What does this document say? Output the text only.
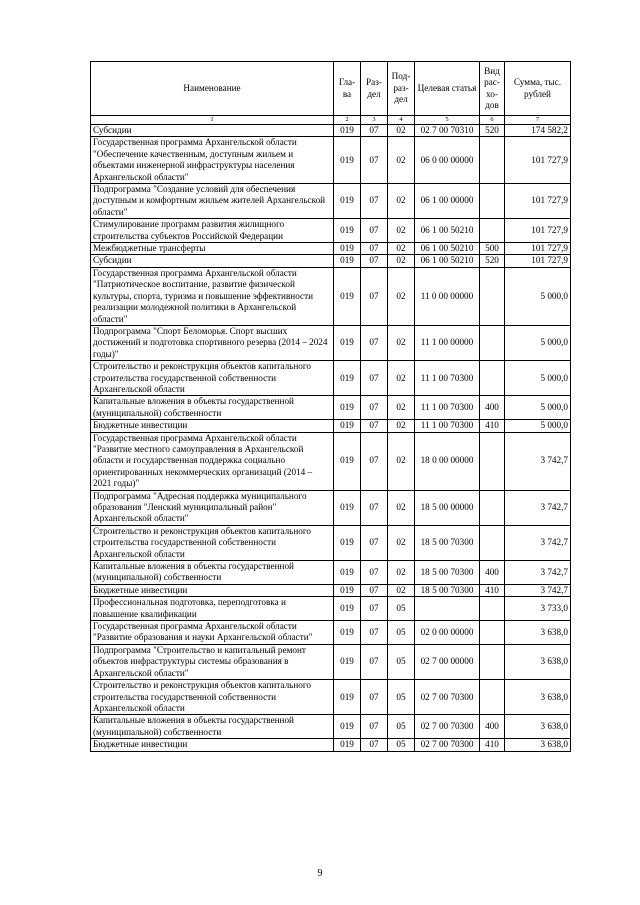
Наименование	Гла-ва	Раз-дел	Под-раз-дел	Целевая статья	Вид рас-хо-дов	Сумма, тыс. рублей
1	2	3	4	5	6	7
Субсидии	019	07	02	02 7 00 70310	520	174 582,2
Государственная программа Архангельской области "Обеспечение качественным, доступным жильем и объектами инженерной инфраструктуры населения Архангельской области"	019	07	02	06 0 00 00000		101 727,9
Подпрограмма "Создание условий для обеспечения доступным и комфортным жильем жителей Архангельской области"	019	07	02	06 1 00 00000		101 727,9
Стимулирование программ развития жилищного строительства субъектов Российской Федерации	019	07	02	06 1 00 50210		101 727,9
Межбюджетные трансферты	019	07	02	06 1 00 50210	500	101 727,9
Субсидии	019	07	02	06 1 00 50210	520	101 727,9
Государственная программа Архангельской области "Патриотическое воспитание, развитие физической культуры, спорта, туризма и повышение эффективности реализации молодежной политики в Архангельской области"	019	07	02	11 0 00 00000		5 000,0
Подпрограмма "Спорт Беломорья. Спорт высших достижений и подготовка спортивного резерва (2014 – 2024 годы)"	019	07	02	11 1 00 00000		5 000,0
Строительство и реконструкция объектов капитального строительства государственной собственности Архангельской области	019	07	02	11 1 00 70300		5 000,0
Капитальные вложения в объекты государственной (муниципальной) собственности	019	07	02	11 1 00 70300	400	5 000,0
Бюджетные инвестиции	019	07	02	11 1 00 70300	410	5 000,0
Государственная программа Архангельской области "Развитие местного самоуправления в Архангельской области и государственная поддержка социально ориентированных некоммерческих организаций (2014 – 2021 годы)"	019	07	02	18 0 00 00000		3 742,7
Подпрограмма "Адресная поддержка муниципального образования "Ленский муниципальный район" Архангельской области"	019	07	02	18 5 00 00000		3 742,7
Строительство и реконструкция объектов капитального строительства государственной собственности Архангельской области	019	07	02	18 5 00 70300		3 742,7
Капитальные вложения в объекты государственной (муниципальной) собственности	019	07	02	18 5 00 70300	400	3 742,7
Бюджетные инвестиции	019	07	02	18 5 00 70300	410	3 742,7
Профессиональная подготовка, переподготовка и повышение квалификации	019	07	05			3 733,0
Государственная программа Архангельской области "Развитие образования и науки Архангельской области"	019	07	05	02 0 00 00000		3 638,0
Подпрограмма "Строительство и капитальный ремонт объектов инфраструктуры системы образования в Архангельской области"	019	07	05	02 7 00 00000		3 638,0
Строительство и реконструкция объектов капитального строительства государственной собственности Архангельской области	019	07	05	02 7 00 70300		3 638,0
Капитальные вложения в объекты государственной (муниципальной) собственности	019	07	05	02 7 00 70300	400	3 638,0
Бюджетные инвестиции	019	07	05	02 7 00 70300	410	3 638,0
9
